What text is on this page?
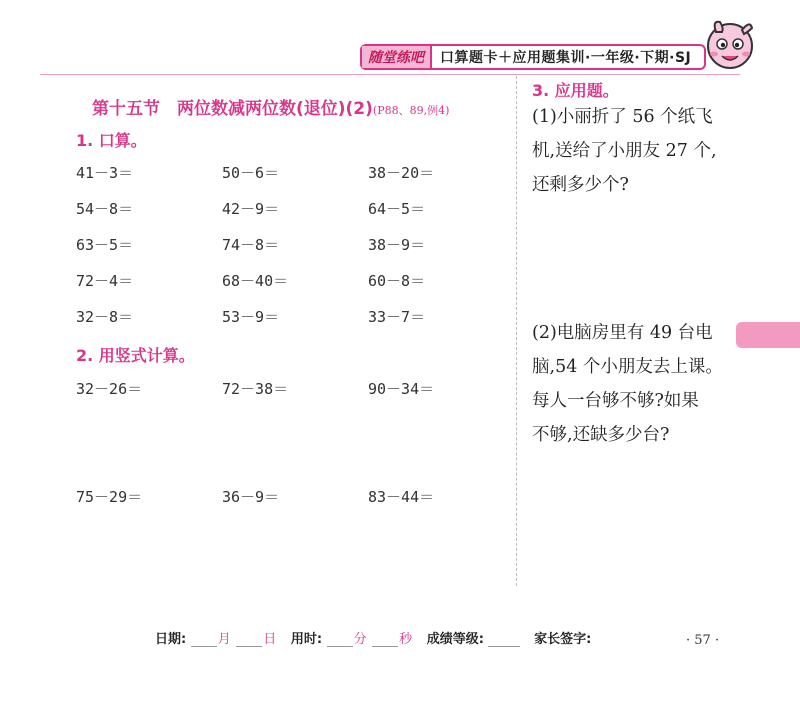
随堂练吧	口算题卡＋应用题集训·一年级·下期·SJ
第十五节　两位数减两位数(退位)(2)(P88、89,例4)
1. 口算。
41－3＝	50－6＝	38－20＝
54－8＝	42－9＝	64－5＝
63－5＝	74－8＝	38－9＝
72－4＝	68－40＝	60－8＝
32－8＝	53－9＝	33－7＝
2. 用竖式计算。
32－26＝	72－38＝	90－34＝
75－29＝	36－9＝	83－44＝
3. 应用题。
(1)小丽折了 56 个纸飞
机,送给了小朋友 27 个,
还剩多少个?
(2)电脑房里有 49 台电
脑,54 个小朋友去上课。
每人一台够不够?如果
不够,还缺多少台?
日期: 月	日 用时: 分	秒 成绩等级:	家长签字:	· 57 ·
